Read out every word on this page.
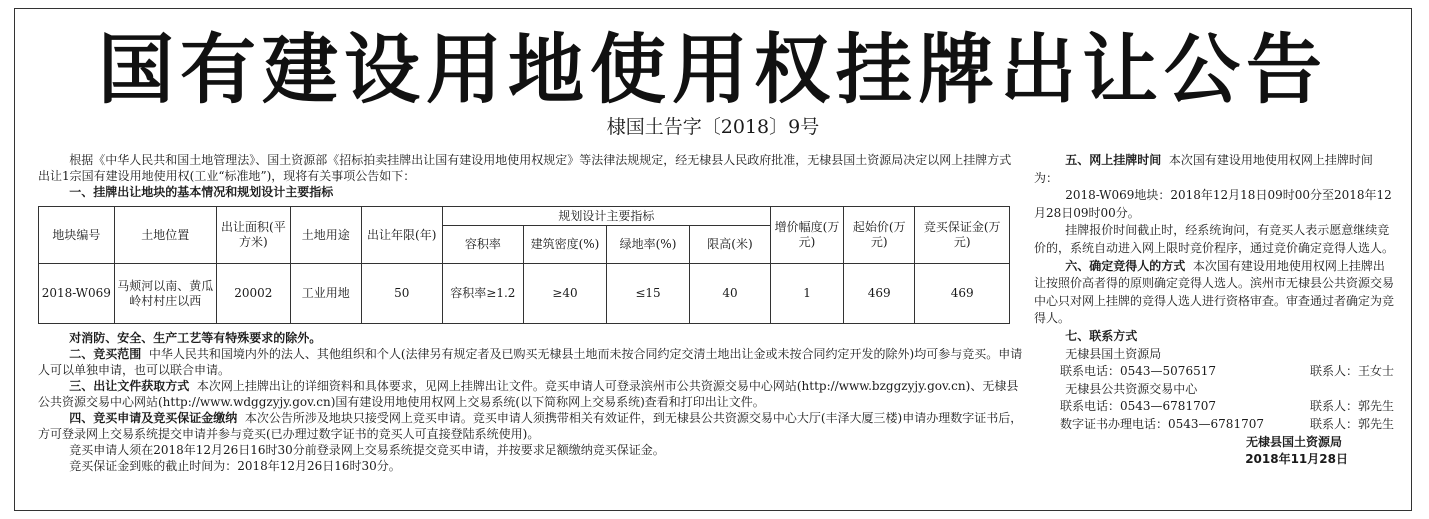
国有建设用地使用权挂牌出让公告
棣国土告字〔2018〕9号

根据《中华人民共和国土地管理法》、国土资源部《招标拍卖挂牌出让国有建设用地使用权规定》等法律法规规定，经无棣县人民政府批准，无棣县国土资源局决定以网上挂牌方式出让1宗国有建设用地使用权(工业“标准地”)，现将有关事项公告如下：

一、挂牌出让地块的基本情况和规划设计主要指标

地块编号	土地位置	出让面积(平方米)	土地用途	出让年限(年)	规划设计主要指标				增价幅度(万元)	起始价(万元)	竞买保证金(万元)
					容积率	建筑密度(%)	绿地率(%)	限高(米)			
2018-W069	马颊河以南、黄瓜岭村村庄以西	20002	工业用地	50	容积率≥1.2	≥40	≤15	40	1	469	469

对消防、安全、生产工艺等有特殊要求的除外。

二、竞买范围 中华人民共和国境内外的法人、其他组织和个人(法律另有规定者及已购买无棣县土地而未按合同约定交清土地出让金或未按合同约定开发的除外)均可参与竞买。申请人可以单独申请，也可以联合申请。

三、出让文件获取方式 本次网上挂牌出让的详细资料和具体要求，见网上挂牌出让文件。竞买申请人可登录滨州市公共资源交易中心网站(http://www.bzggzyjy.gov.cn)、无棣县公共资源交易中心网站(http://www.wdggzyjy.gov.cn)国有建设用地使用权网上交易系统(以下简称网上交易系统)查看和打印出让文件。

四、竞买申请及竞买保证金缴纳 本次公告所涉及地块只接受网上竞买申请。竞买申请人须携带相关有效证件，到无棣县公共资源交易中心大厅(丰泽大厦三楼)申请办理数字证书后，方可登录网上交易系统提交申请并参与竞买(已办理过数字证书的竞买人可直接登陆系统使用)。

竞买申请人须在2018年12月26日16时30分前登录网上交易系统提交竞买申请，并按要求足额缴纳竞买保证金。

竞买保证金到账的截止时间为：2018年12月26日16时30分。

五、网上挂牌时间 本次国有建设用地使用权网上挂牌时间为：

2018-W069地块：2018年12月18日09时00分至2018年12月28日09时00分。

挂牌报价时间截止时，经系统询问，有竞买人表示愿意继续竞价的，系统自动进入网上限时竞价程序，通过竞价确定竞得人选人。

六、确定竞得人的方式 本次国有建设用地使用权网上挂牌出让按照价高者得的原则确定竞得人选人。滨州市无棣县公共资源交易中心只对网上挂牌的竞得人选人进行资格审查。审查通过者确定为竞得人。

七、联系方式

无棣县国土资源局

联系电话：0543—5076517	联系人：王女士

无棣县公共资源交易中心

联系电话：0543—6781707	联系人：郭先生
数字证书办理电话：0543—6781707	联系人：郭先生

无棣县国土资源局

2018年11月28日
